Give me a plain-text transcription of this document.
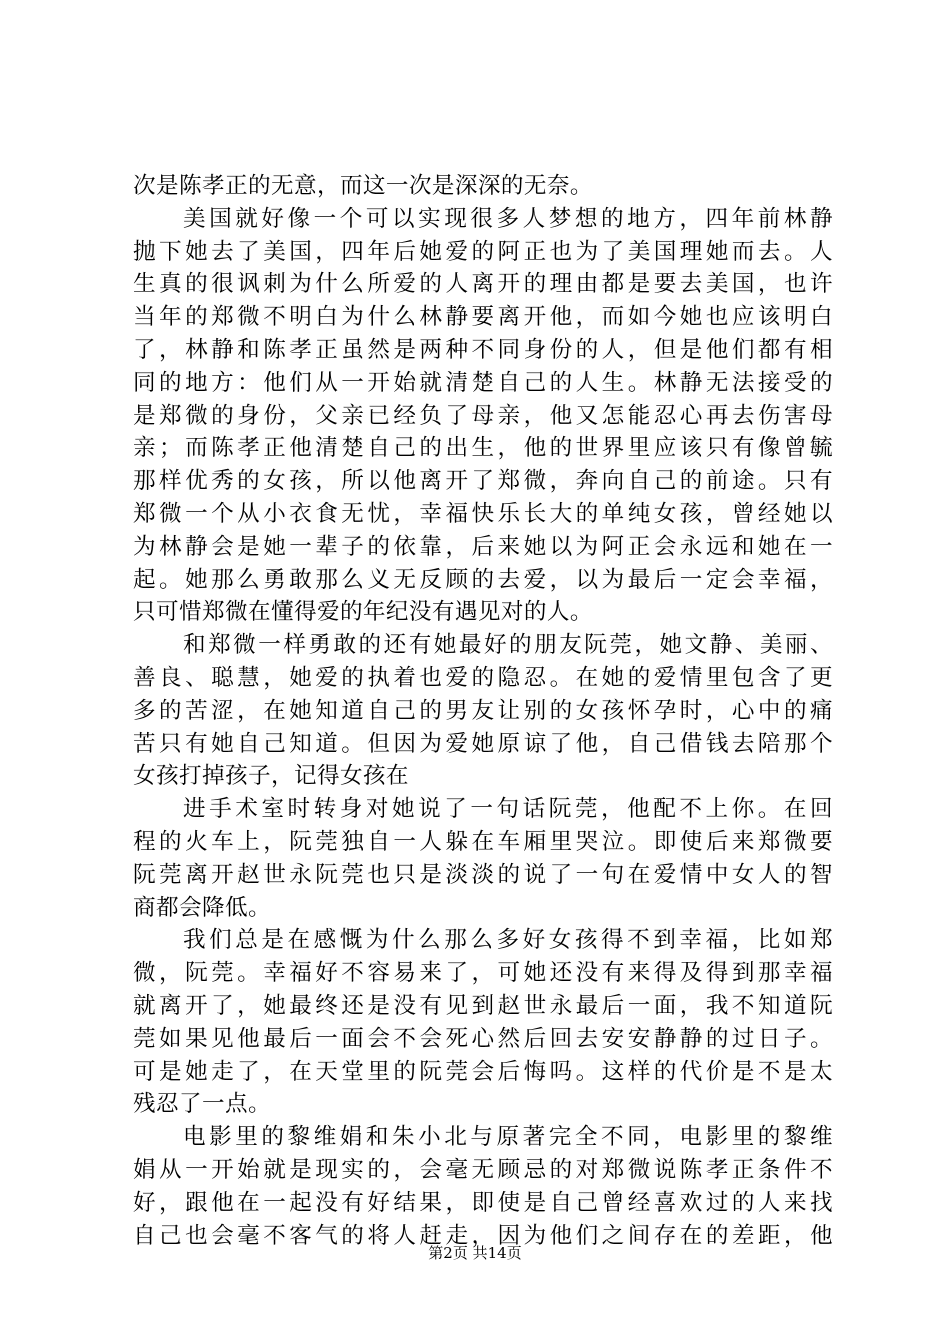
次是陈孝正的无意，而这一次是深深的无奈。
美国就好像一个可以实现很多人梦想的地方，四年前林静
抛下她去了美国，四年后她爱的阿正也为了美国理她而去。人
生真的很讽刺为什么所爱的人离开的理由都是要去美国，也许
当年的郑微不明白为什么林静要离开他，而如今她也应该明白
了，林静和陈孝正虽然是两种不同身份的人，但是他们都有相
同的地方：他们从一开始就清楚自己的人生。林静无法接受的
是郑微的身份，父亲已经负了母亲，他又怎能忍心再去伤害母
亲；而陈孝正他清楚自己的出生，他的世界里应该只有像曾毓
那样优秀的女孩，所以他离开了郑微，奔向自己的前途。只有
郑微一个从小衣食无忧，幸福快乐长大的单纯女孩，曾经她以
为林静会是她一辈子的依靠，后来她以为阿正会永远和她在一
起。她那么勇敢那么义无反顾的去爱，以为最后一定会幸福，
只可惜郑微在懂得爱的年纪没有遇见对的人。
和郑微一样勇敢的还有她最好的朋友阮莞，她文静、美丽、
善良、聪慧，她爱的执着也爱的隐忍。在她的爱情里包含了更
多的苦涩，在她知道自己的男友让别的女孩怀孕时，心中的痛
苦只有她自己知道。但因为爱她原谅了他，自己借钱去陪那个
女孩打掉孩子，记得女孩在
进手术室时转身对她说了一句话阮莞，他配不上你。在回
程的火车上，阮莞独自一人躲在车厢里哭泣。即使后来郑微要
阮莞离开赵世永阮莞也只是淡淡的说了一句在爱情中女人的智
商都会降低。
我们总是在感慨为什么那么多好女孩得不到幸福，比如郑
微，阮莞。幸福好不容易来了，可她还没有来得及得到那幸福
就离开了，她最终还是没有见到赵世永最后一面，我不知道阮
莞如果见他最后一面会不会死心然后回去安安静静的过日子。
可是她走了，在天堂里的阮莞会后悔吗。这样的代价是不是太
残忍了一点。
电影里的黎维娟和朱小北与原著完全不同，电影里的黎维
娟从一开始就是现实的，会毫无顾忌的对郑微说陈孝正条件不
好，跟他在一起没有好结果，即使是自己曾经喜欢过的人来找
自己也会毫不客气的将人赶走，因为他们之间存在的差距，他
第2页 共14页
